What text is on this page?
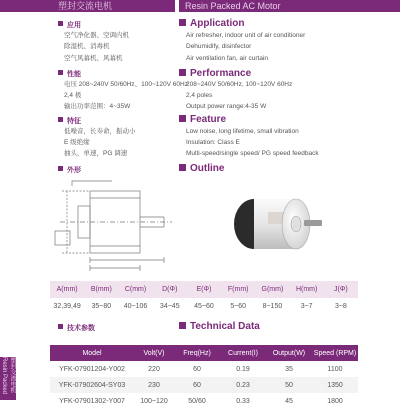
塑封交流电机	Resin Packed AC Motor
应用
空气净化器、空调内机
除湿机、消毒机
空气风幕机、风幕机
Application
Air refresher, indoor unit of air conditioner
Dehumidify, disinfector
Air ventilation fan, air curtain
性能
电压 208~240V 50/60Hz、100~120V 60Hz
2,4 极
输出功率范围：4~35W
Performance
208~240V 50/60Hz, 100~120V 60Hz
2,4 poles
Output power range:4-35 W
特征
低噪音，长寿命，振动小
E 级绝缘
抽头，单速，PG 调速
Feature
Low noise, long lifetime, small vibration
Insulation: Class E
Multi-speed/single speed/ PG speed feedback
外形	Outline
A(mm)	B(mm)	C(mm)	D(Φ)	E(Φ)	F(mm)	G(mm)	H(mm)	J(Φ)
32,39,49	35~80	40~106	34~45	45~60	5~60	8~150	3~7	3~8
技术参数	Technical Data
Model	Volt(V)	Freq(Hz)	Current(I)	Output(W)	Speed (RPM)
YFK-07901204-Y002	220	60	0.19	35	1100
YFK-07902604-SY03	230	60	0.23	50	1350
YFK-07901302-Y007	100~120	50/60	0.33	45	1800
塑封交流电机 Resin Packed
